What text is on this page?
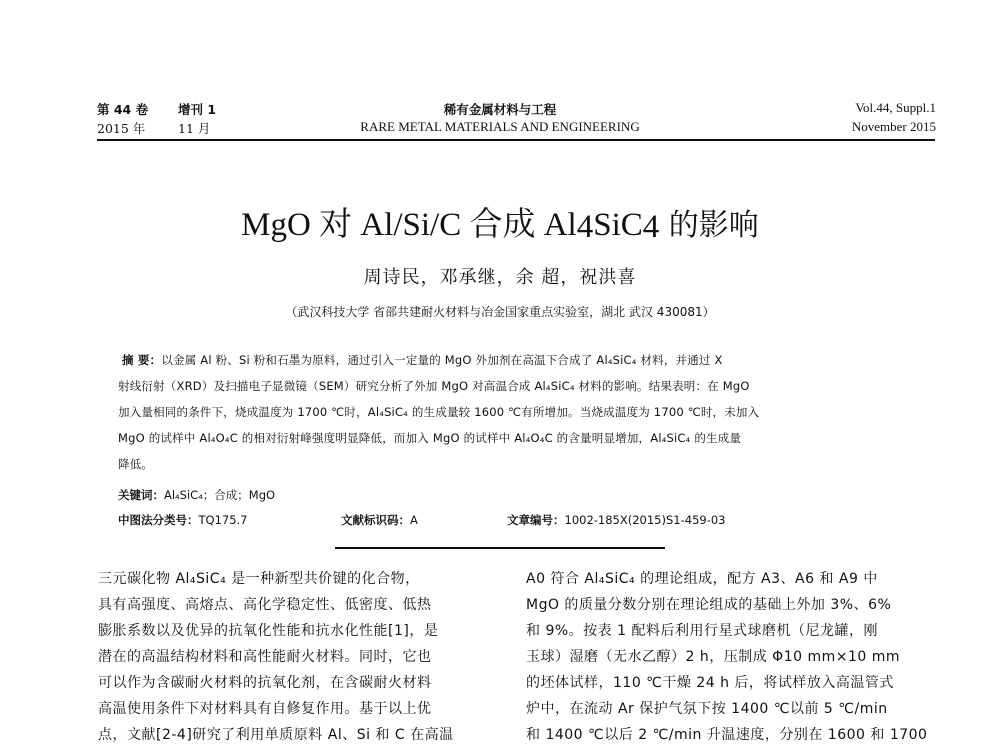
第 44 卷 增刊 1
2015 年	11 月
稀有金属材料与工程
RARE METAL MATERIALS AND ENGINEERING
Vol.44, Suppl.1
November 2015
MgO 对 Al/Si/C 合成 $Al_4SiC_4$ 的影响
周诗民，邓承继，余 超，祝洪喜
（武汉科技大学 省部共建耐火材料与冶金国家重点实验室，湖北 武汉 430081）
摘 要：以金属 Al 粉、Si 粉和石墨为原料，通过引入一定量的 MgO 外加剂在高温下合成了 Al₄SiC₄ 材料，并通过 X
射线衍射（XRD）及扫描电子显微镜（SEM）研究分析了外加 MgO 对高温合成 Al₄SiC₄ 材料的影响。结果表明：在 MgO
加入量相同的条件下，烧成温度为 1700 ℃时，Al₄SiC₄ 的生成量较 1600 ℃有所增加。当烧成温度为 1700 ℃时，未加入
MgO 的试样中 Al₄O₄C 的相对衍射峰强度明显降低，而加入 MgO 的试样中 Al₄O₄C 的含量明显增加，Al₄SiC₄ 的生成量
降低。
关键词：Al₄SiC₄；合成；MgO
中图法分类号：TQ175.7	文献标识码：A	文章编号：1002-185X(2015)S1-459-03
三元碳化物 Al₄SiC₄ 是一种新型共价键的化合物，
具有高强度、高熔点、高化学稳定性、低密度、低热
膨胀系数以及优异的抗氧化性能和抗水化性能[1]，是
潜在的高温结构材料和高性能耐火材料。同时，它也
可以作为含碳耐火材料的抗氧化剂，在含碳耐火材料
高温使用条件下对材料具有自修复作用。基于以上优
点，文献[2-4]研究了利用单质原料 Al、Si 和 C 在高温
A0 符合 Al₄SiC₄ 的理论组成，配方 A3、A6 和 A9 中
MgO 的质量分数分别在理论组成的基础上外加 3%、6%
和 9%。按表 1 配料后利用行星式球磨机（尼龙罐，刚
玉球）湿磨（无水乙醇）2 h，压制成 Φ10 mm×10 mm
的坯体试样，110 ℃干燥 24 h 后，将试样放入高温管式
炉中，在流动 Ar 保护气氛下按 1400 ℃以前 5 ℃/min
和 1400 ℃以后 2 ℃/min 升温速度，分别在 1600 和 1700
